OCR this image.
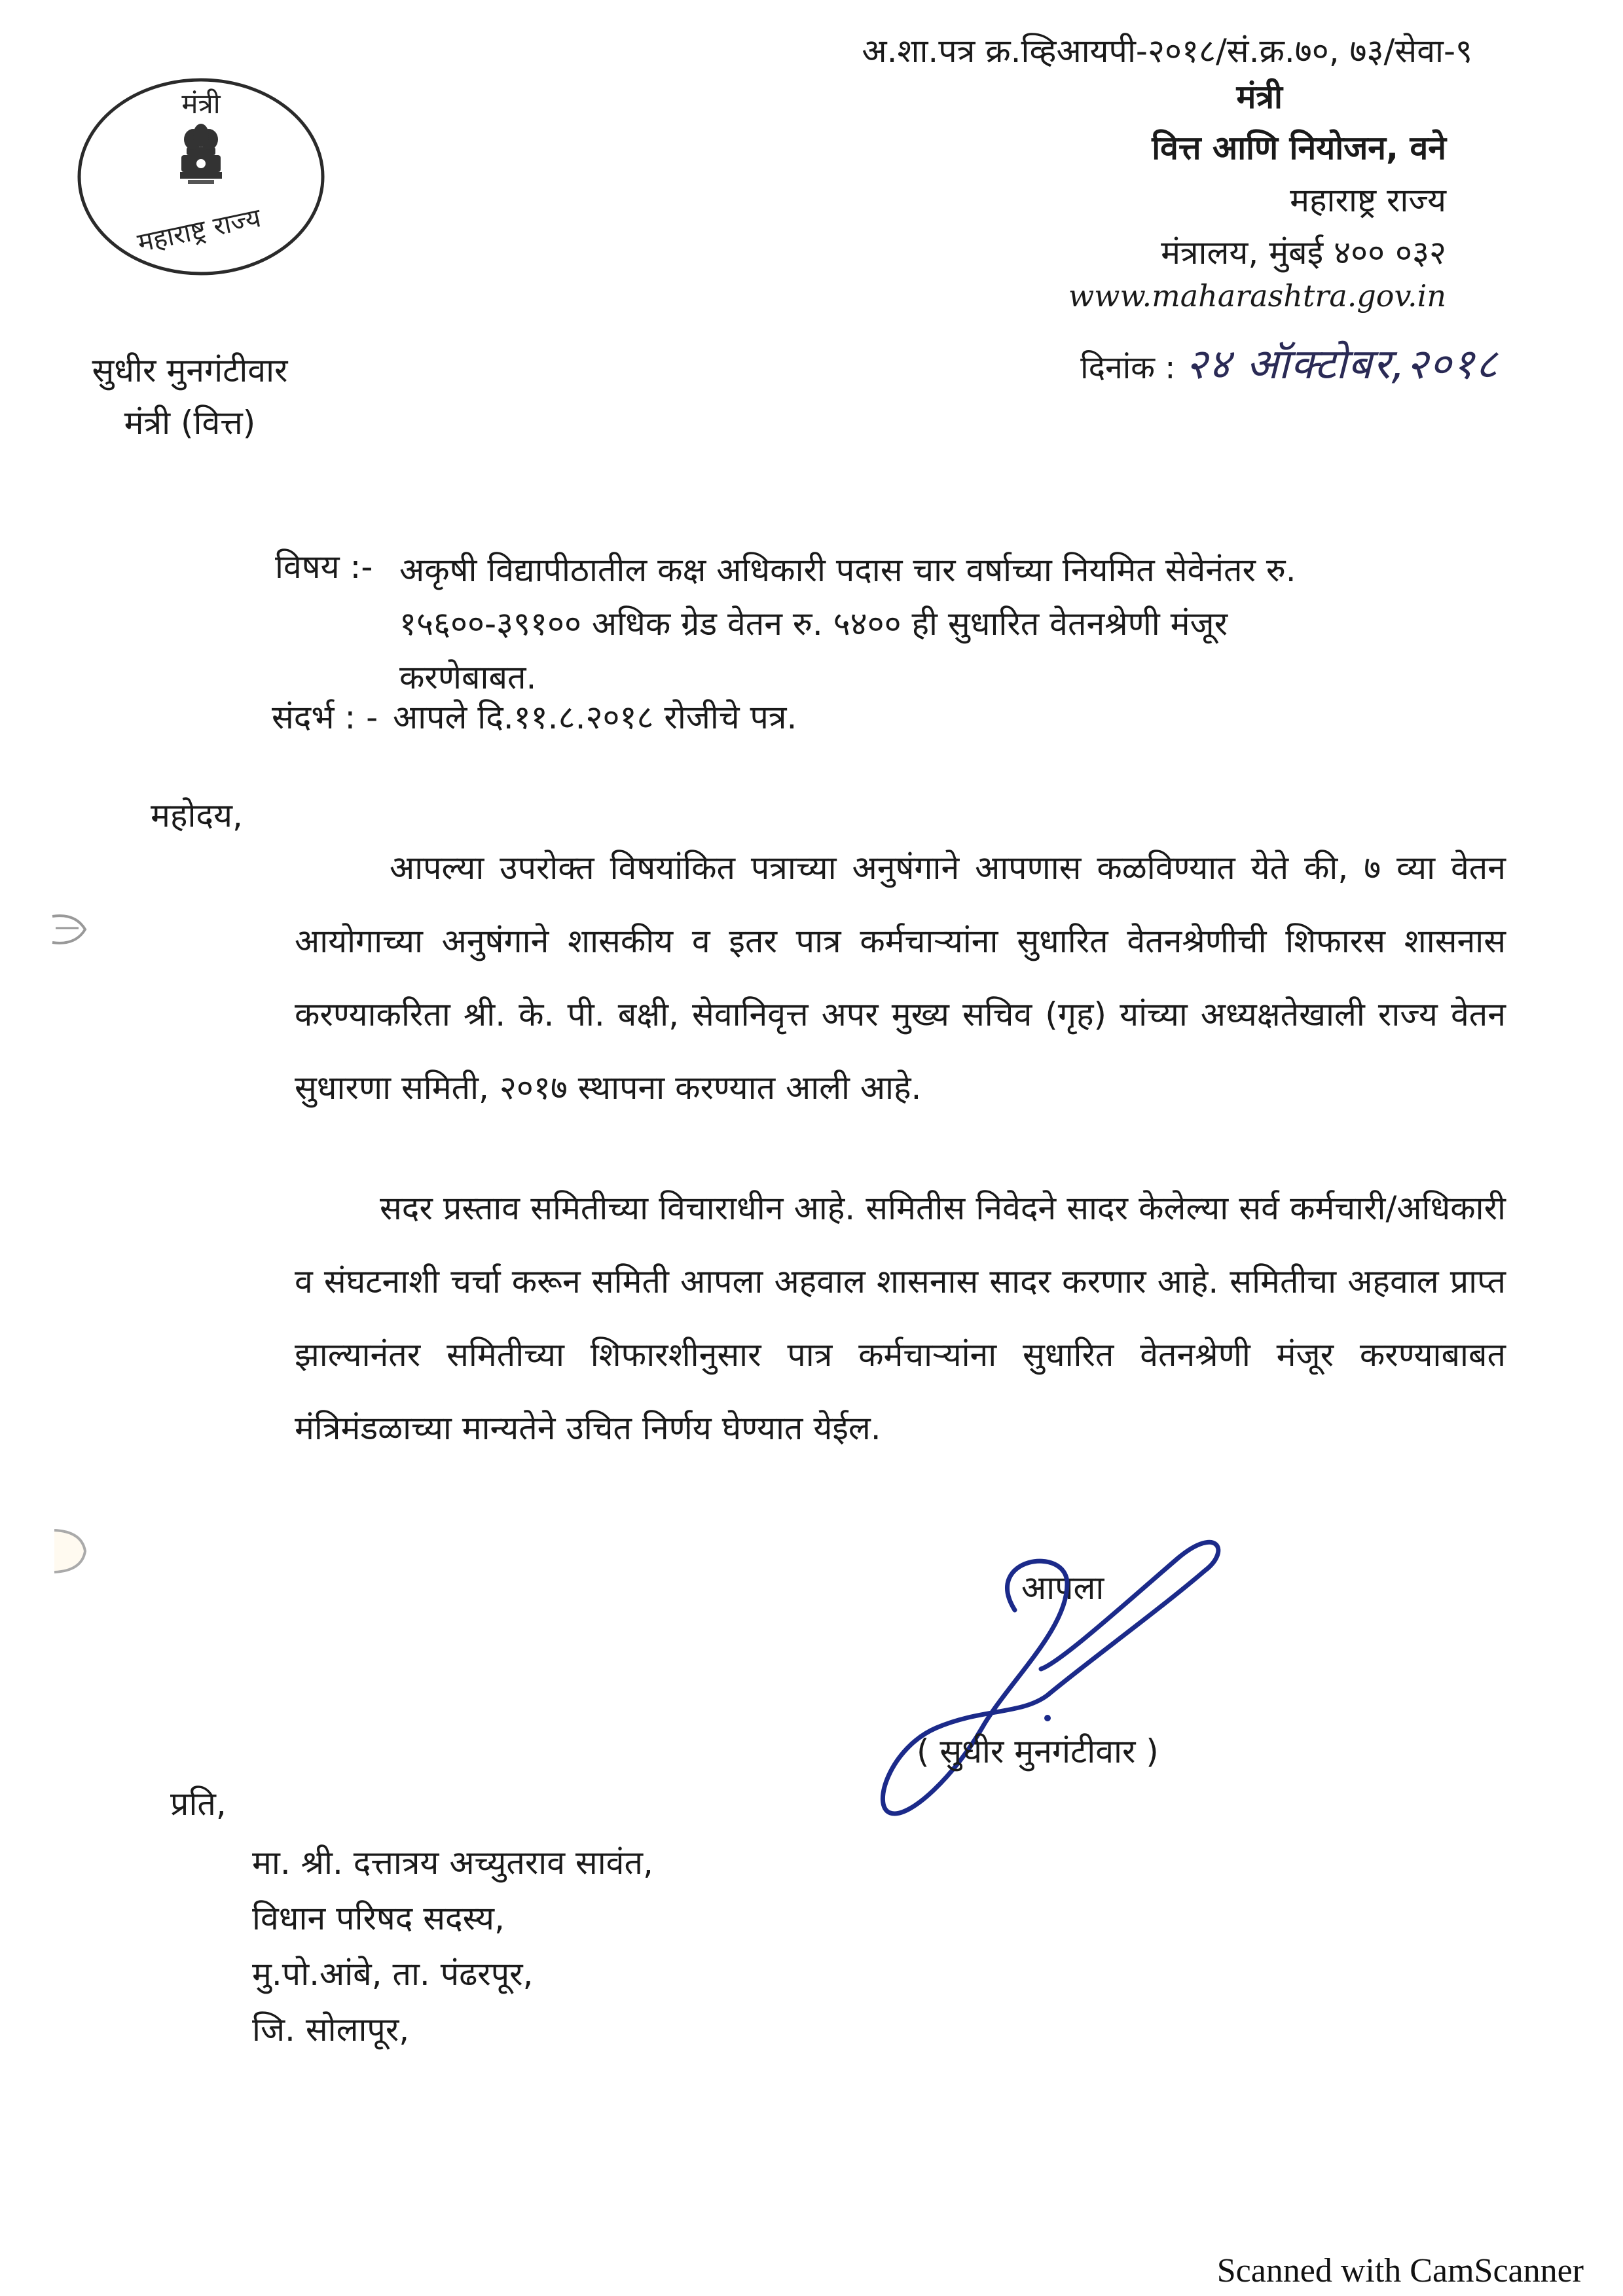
मंत्री
महाराष्ट्र राज्य
अ.शा.पत्र क्र.व्हिआयपी-२०१८/सं.क्र.७०, ७३/सेवा-९
मंत्री
वित्त आणि नियोजन, वने
महाराष्ट्र राज्य
मंत्रालय, मुंबई ४०० ०३२
www.maharashtra.gov.in
दिनांक : २४ ऑक्टोबर,२०१८
सुधीर मुनगंटीवार
मंत्री (वित्त)
विषय :- अकृषी विद्यापीठातील कक्ष अधिकारी पदास चार वर्षाच्या नियमित सेवेनंतर रु. १५६००-३९१०० अधिक ग्रेड वेतन रु. ५४०० ही सुधारित वेतनश्रेणी मंजूर करणेबाबत.
संदर्भ : - आपले दि.११.८.२०१८ रोजीचे पत्र.
महोदय,
आपल्या उपरोक्त विषयांकित पत्राच्या अनुषंगाने आपणास कळविण्यात येते की, ७ व्या वेतन आयोगाच्या अनुषंगाने शासकीय व इतर पात्र कर्मचाऱ्यांना सुधारित वेतनश्रेणीची शिफारस शासनास करण्याकरिता श्री. के. पी. बक्षी, सेवानिवृत्त अपर मुख्य सचिव (गृह) यांच्या अध्यक्षतेखाली राज्य वेतन सुधारणा समिती, २०१७ स्थापना करण्यात आली आहे.
सदर प्रस्ताव समितीच्या विचाराधीन आहे. समितीस निवेदने सादर केलेल्या सर्व कर्मचारी/अधिकारी व संघटनाशी चर्चा करून समिती आपला अहवाल शासनास सादर करणार आहे. समितीचा अहवाल प्राप्त झाल्यानंतर समितीच्या शिफारशीनुसार पात्र कर्मचाऱ्यांना सुधारित वेतनश्रेणी मंजूर करण्याबाबत मंत्रिमंडळाच्या मान्यतेने उचित निर्णय घेण्यात येईल.
आपला
( सुधीर मुनगंटीवार )
प्रति,
मा. श्री. दत्तात्रय अच्युतराव सावंत,
विधान परिषद सदस्य,
मु.पो.आंबे, ता. पंढरपूर,
जि. सोलापूर,
Scanned with CamScanner
